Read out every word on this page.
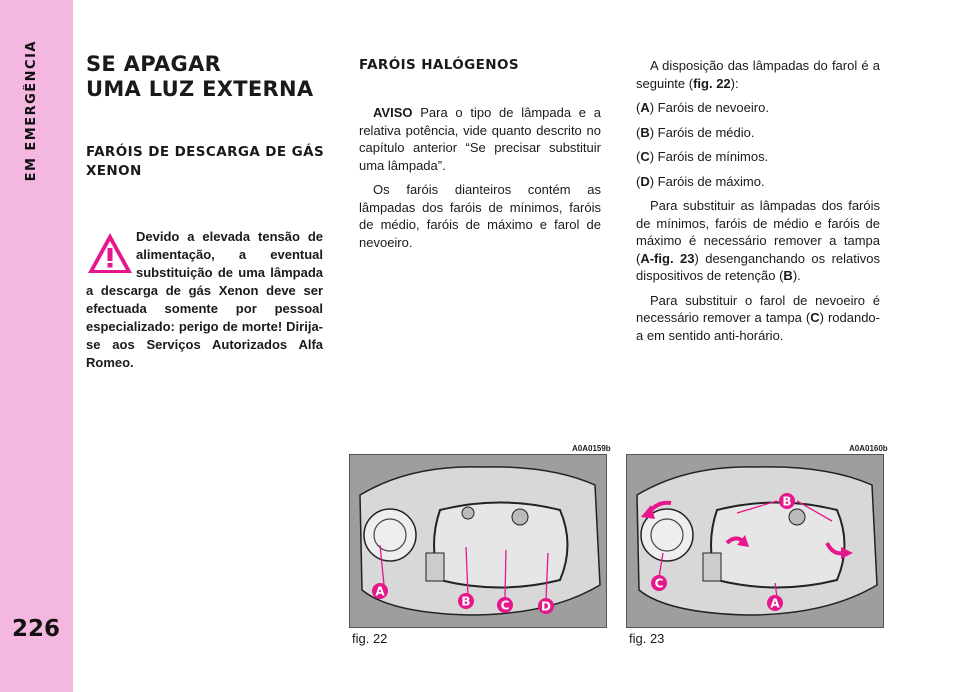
EM EMERGÊNCIA
226
SE APAGAR
UMA LUZ EXTERNA
FARÓIS DE DESCARGA DE GÁS XENON
Devido a elevada tensão de alimentação, a eventual substituição de uma lâmpada a descarga de gás Xenon deve ser efectuada somente por pessoal especializado: perigo de morte! Dirija-se aos Serviços Autorizados Alfa Romeo.
FARÓIS HALÓGENOS

AVISO Para o tipo de lâmpada e a relativa potência, vide quanto descrito no capítulo anterior “Se precisar substituir uma lâmpada”.

Os faróis dianteiros contém as lâmpadas dos faróis de mínimos, faróis de médio, faróis de máximo e farol de nevoeiro.

A disposição das lâmpadas do farol é a seguinte (fig. 22):

(A) Faróis de nevoeiro.

(B) Faróis de médio.

(C) Faróis de mínimos.

(D) Faróis de máximo.

Para substituir as lâmpadas dos faróis de mínimos, faróis de médio e faróis de máximo é necessário remover a tampa (A-fig. 23) desenganchando os relativos dispositivos de retenção (B).

Para substituir o farol de nevoeiro é necessário remover a tampa (C) rodando-a em sentido anti-horário.

A0A0159b
A
B	C	D
fig. 22
A0A0160b
B
C
A
fig. 23
